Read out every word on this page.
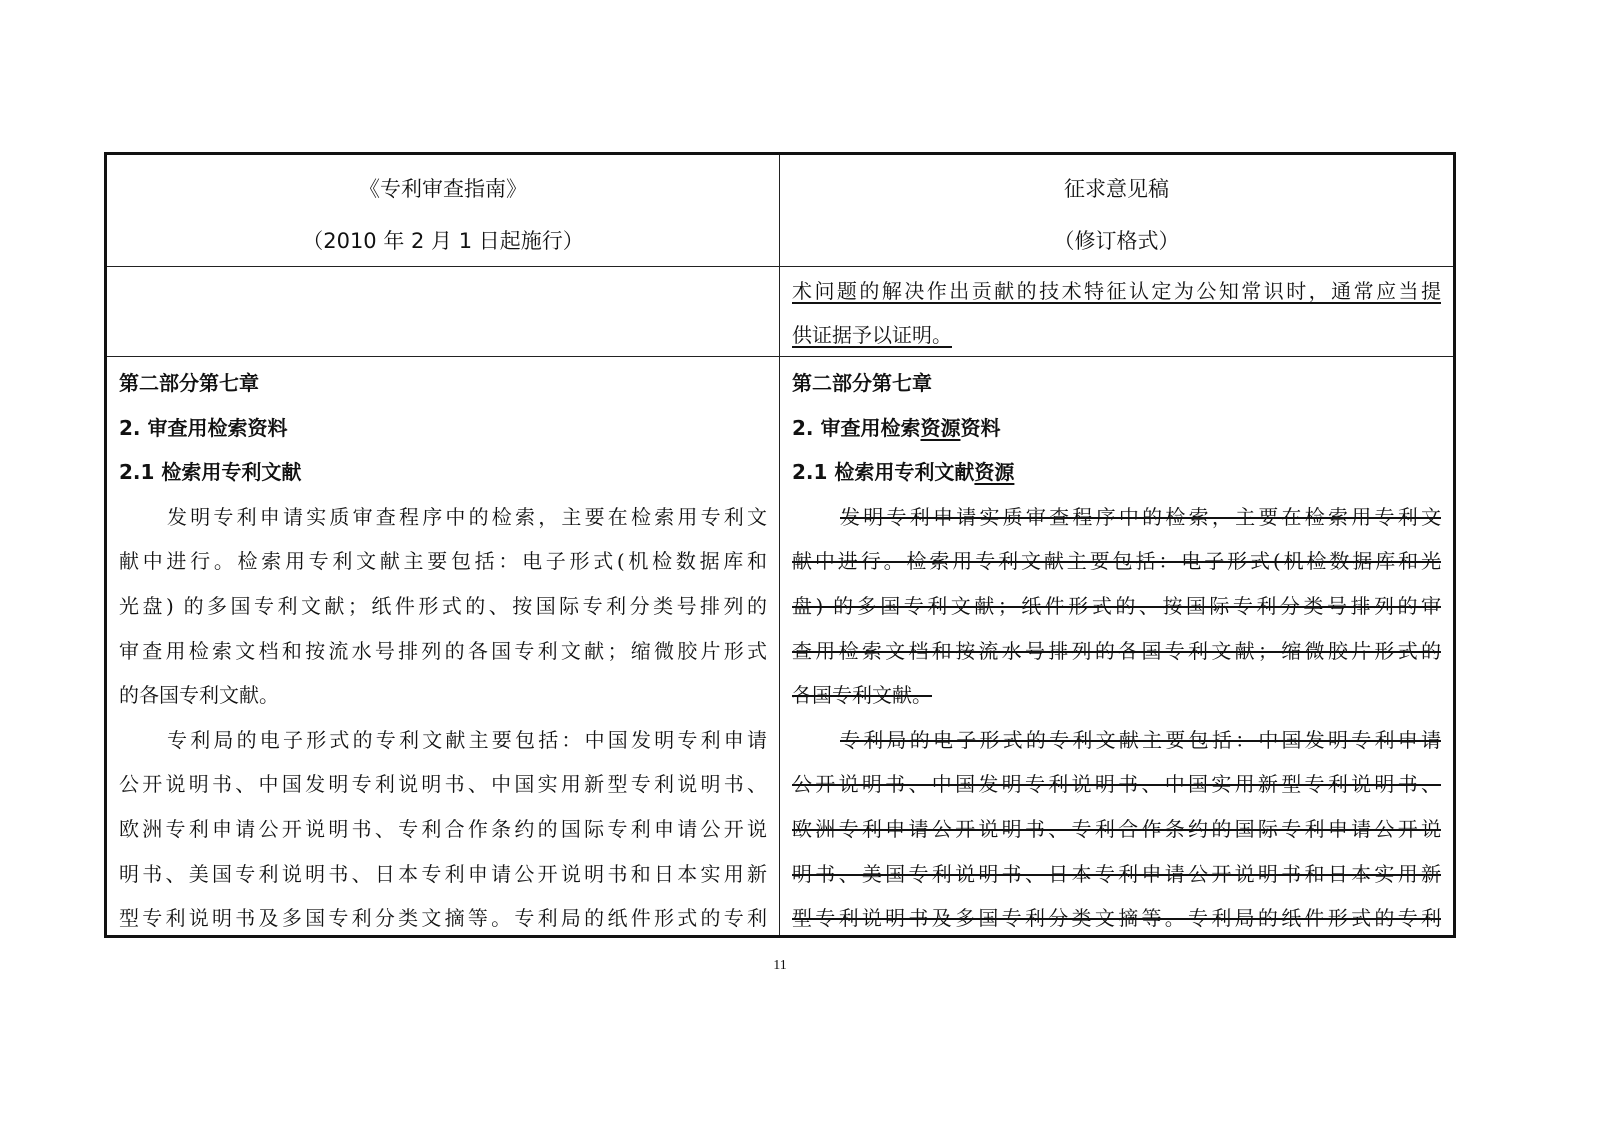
《专利审查指南》
（2010 年 2 月 1 日起施行）
征求意见稿
（修订格式）
术问题的解决作出贡献的技术特征认定为公知常识时，通常应当提
供证据予以证明。
第二部分第七章
2. 审查用检索资料
2.1 检索用专利文献
发明专利申请实质审查程序中的检索，主要在检索用专利文
献中进行。检索用专利文献主要包括：电子形式(机检数据库和
光盘) 的多国专利文献；纸件形式的、按国际专利分类号排列的
审查用检索文档和按流水号排列的各国专利文献；缩微胶片形式
的各国专利文献。
专利局的电子形式的专利文献主要包括：中国发明专利申请
公开说明书、中国发明专利说明书、中国实用新型专利说明书、
欧洲专利申请公开说明书、专利合作条约的国际专利申请公开说
明书、美国专利说明书、日本专利申请公开说明书和日本实用新
型专利说明书及多国专利分类文摘等。专利局的纸件形式的专利
第二部分第七章
2. 审查用检索资源资料
2.1 检索用专利文献资源
发明专利申请实质审查程序中的检索，主要在检索用专利文
献中进行。检索用专利文献主要包括：电子形式(机检数据库和光
盘) 的多国专利文献；纸件形式的、按国际专利分类号排列的审
查用检索文档和按流水号排列的各国专利文献；缩微胶片形式的
各国专利文献。
专利局的电子形式的专利文献主要包括：中国发明专利申请
公开说明书、中国发明专利说明书、中国实用新型专利说明书、
欧洲专利申请公开说明书、专利合作条约的国际专利申请公开说
明书、美国专利说明书、日本专利申请公开说明书和日本实用新
型专利说明书及多国专利分类文摘等。专利局的纸件形式的专利
11
